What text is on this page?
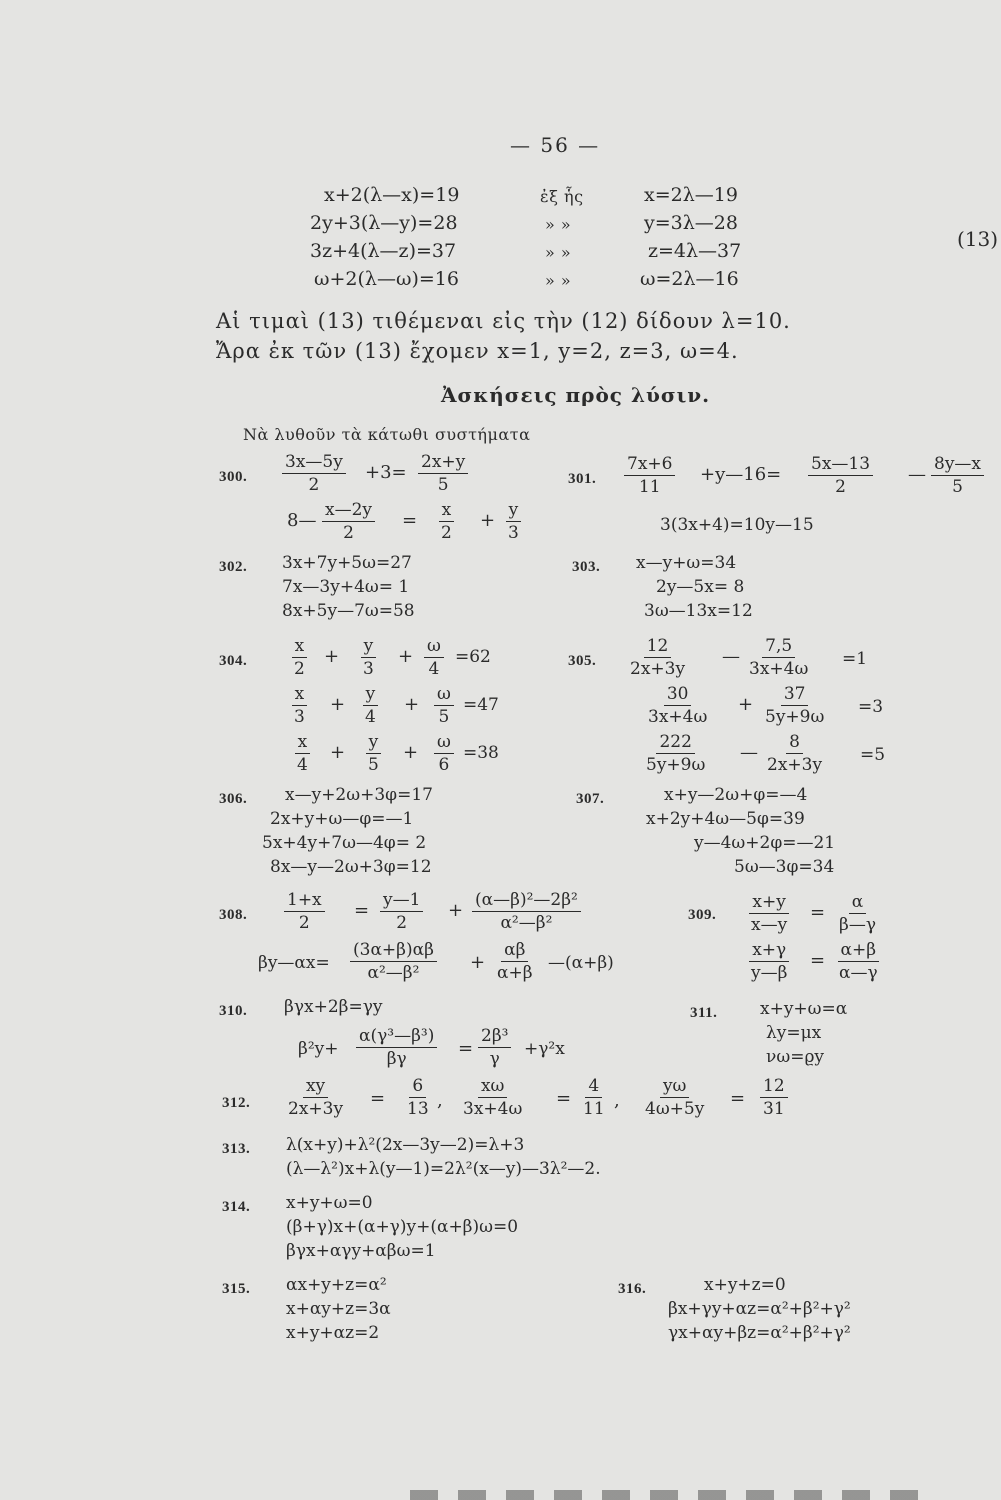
— 56 —
x+2(λ—x)=19	ἐξ ἧς	x=2λ—19
2y+3(λ—y)=28	» »	y=3λ—28
3z+4(λ—z)=37	» »	z=4λ—37
ω+2(λ—ω)=16	» »	ω=2λ—16
(13)
Αἱ τιμαὶ (13) τιθέμεναι εἰς τὴν (12) δίδουν λ=10.
Ἄρα ἐκ τῶν (13) ἔχομεν x=1, y=2, z=3, ω=4.
Ἀσκήσεις πρὸς λύσιν.
Νὰ λυθοῦν τὰ κάτωθι συστήματα
300. $\frac{3x—5y}{2} +3= \frac{2x+y}{5}$
8— $\frac{x—2y}{2} = \frac{x}{2} + \frac{y}{3}$
301. $\frac{7x+6}{11}$ +y—16= $\frac{5x—13}{2}$ — $\frac{8y—x}{5}$
3(3x+4)=10y—15
302. 3x+7y+5ω=27
7x—3y+4ω= 1
8x+5y—7ω=58
303. x—y+ω=34
2y—5x= 8
3ω—13x=12
304.	$\frac{x}{2} + \frac{y}{3} + \frac{\omega}{4} =62$
$\frac{x}{3} + \frac{y}{4} + \frac{\omega}{5} =47$
$\frac{x}{4} + \frac{y}{5} + \frac{\omega}{6} =38$
305. $\frac{12}{2x+3y}$ — $\frac{7,5}{3x+4\omega} =1$
$\frac{30}{3x+4\omega} + \frac{37}{5y+9\omega} =3$
$\frac{222}{5y+9\omega}$ — $\frac{8}{2x+3y} =5$
306. x—y+2ω+3φ=17
2x+y+ω—φ=—1
5x+4y+7ω—4φ= 2
8x—y—2ω+3φ=12
307.	x+y—2ω+φ=—4
x+2y+4ω—5φ=39
y—4ω+2φ=—21
5ω—3φ=34
308. $\frac{1+x}{2} = \frac{y—1}{2} + \frac{\text{(α—β)²—2β²}}{\text{α²—β²}}$
βy—αx= $\frac{(3\alpha+\beta)\alpha\beta}{\text{α²—β²}} + \frac{\alpha\beta}{\alpha+\beta}$ —(α+β)
309. $\frac{x+y}{x—y} = \frac{\alpha}{\beta—\gamma}$
$\frac{x+\gamma}{y—\beta} = \frac{\alpha+\beta}{\alpha—\gamma}$
310. βγx+2β=γy
$\beta^2y+ \frac{\text{α(γ³—β³)}}{\beta\gamma} = \frac{\text{2β³}}{\gamma} +\gamma^2x$
311.	x+y+ω=α
λy=μx
νω=ϱy
312. $\frac{xy}{2x+3y} = \frac{6}{13}$ , $\frac{x\omega}{3x+4\omega} = \frac{4}{11}$ , $\frac{y\omega}{4\omega+5y} = \frac{12}{31}$
313. λ(x+y)+λ²(2x—3y—2)=λ+3
(λ—λ²)x+λ(y—1)=2λ²(x—y)—3λ²—2.
314. x+y+ω=0
(β+γ)x+(α+γ)y+(α+β)ω=0
βγx+αγy+αβω=1
315. αx+y+z=α²
x+αy+z=3α
x+y+αz=2
316.	x+y+z=0
βx+γy+αz=α²+β²+γ²
γx+αy+βz=α²+β²+γ²
